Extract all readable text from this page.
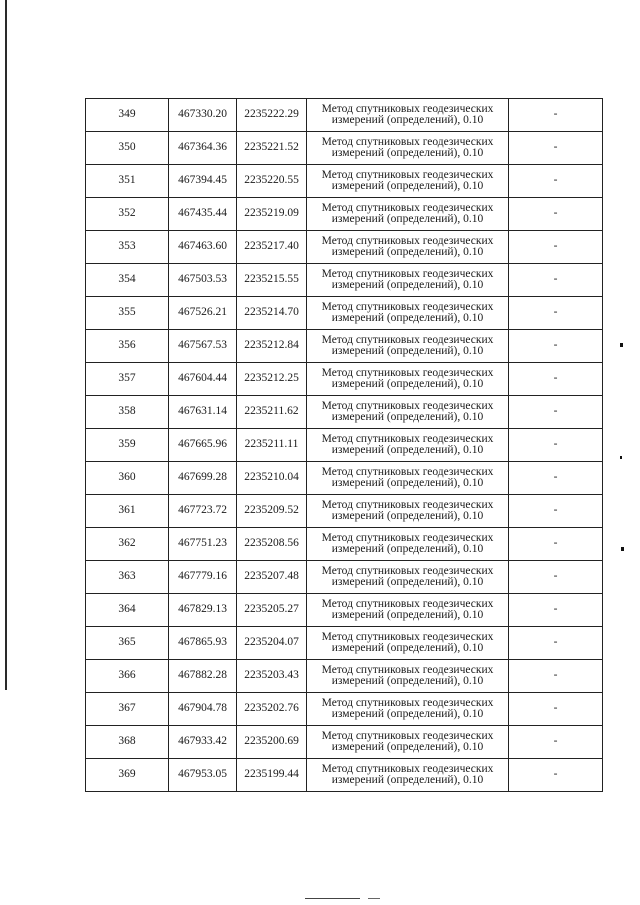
349	467330.20	2235222.29	Метод спутниковых геодезических
измерений (определений), 0.10	-
350	467364.36	2235221.52	Метод спутниковых геодезических
измерений (определений), 0.10	-
351	467394.45	2235220.55	Метод спутниковых геодезических
измерений (определений), 0.10	-
352	467435.44	2235219.09	Метод спутниковых геодезических
измерений (определений), 0.10	-
353	467463.60	2235217.40	Метод спутниковых геодезических
измерений (определений), 0.10	-
354	467503.53	2235215.55	Метод спутниковых геодезических
измерений (определений), 0.10	-
355	467526.21	2235214.70	Метод спутниковых геодезических
измерений (определений), 0.10	-
356	467567.53	2235212.84	Метод спутниковых геодезических
измерений (определений), 0.10	-
357	467604.44	2235212.25	Метод спутниковых геодезических
измерений (определений), 0.10	-
358	467631.14	2235211.62	Метод спутниковых геодезических
измерений (определений), 0.10	-
359	467665.96	2235211.11	Метод спутниковых геодезических
измерений (определений), 0.10	-
360	467699.28	2235210.04	Метод спутниковых геодезических
измерений (определений), 0.10	-
361	467723.72	2235209.52	Метод спутниковых геодезических
измерений (определений), 0.10	-
362	467751.23	2235208.56	Метод спутниковых геодезических
измерений (определений), 0.10	-
363	467779.16	2235207.48	Метод спутниковых геодезических
измерений (определений), 0.10	-
364	467829.13	2235205.27	Метод спутниковых геодезических
измерений (определений), 0.10	-
365	467865.93	2235204.07	Метод спутниковых геодезических
измерений (определений), 0.10	-
366	467882.28	2235203.43	Метод спутниковых геодезических
измерений (определений), 0.10	-
367	467904.78	2235202.76	Метод спутниковых геодезических
измерений (определений), 0.10	-
368	467933.42	2235200.69	Метод спутниковых геодезических
измерений (определений), 0.10	-
369	467953.05	2235199.44	Метод спутниковых геодезических
измерений (определений), 0.10	-
